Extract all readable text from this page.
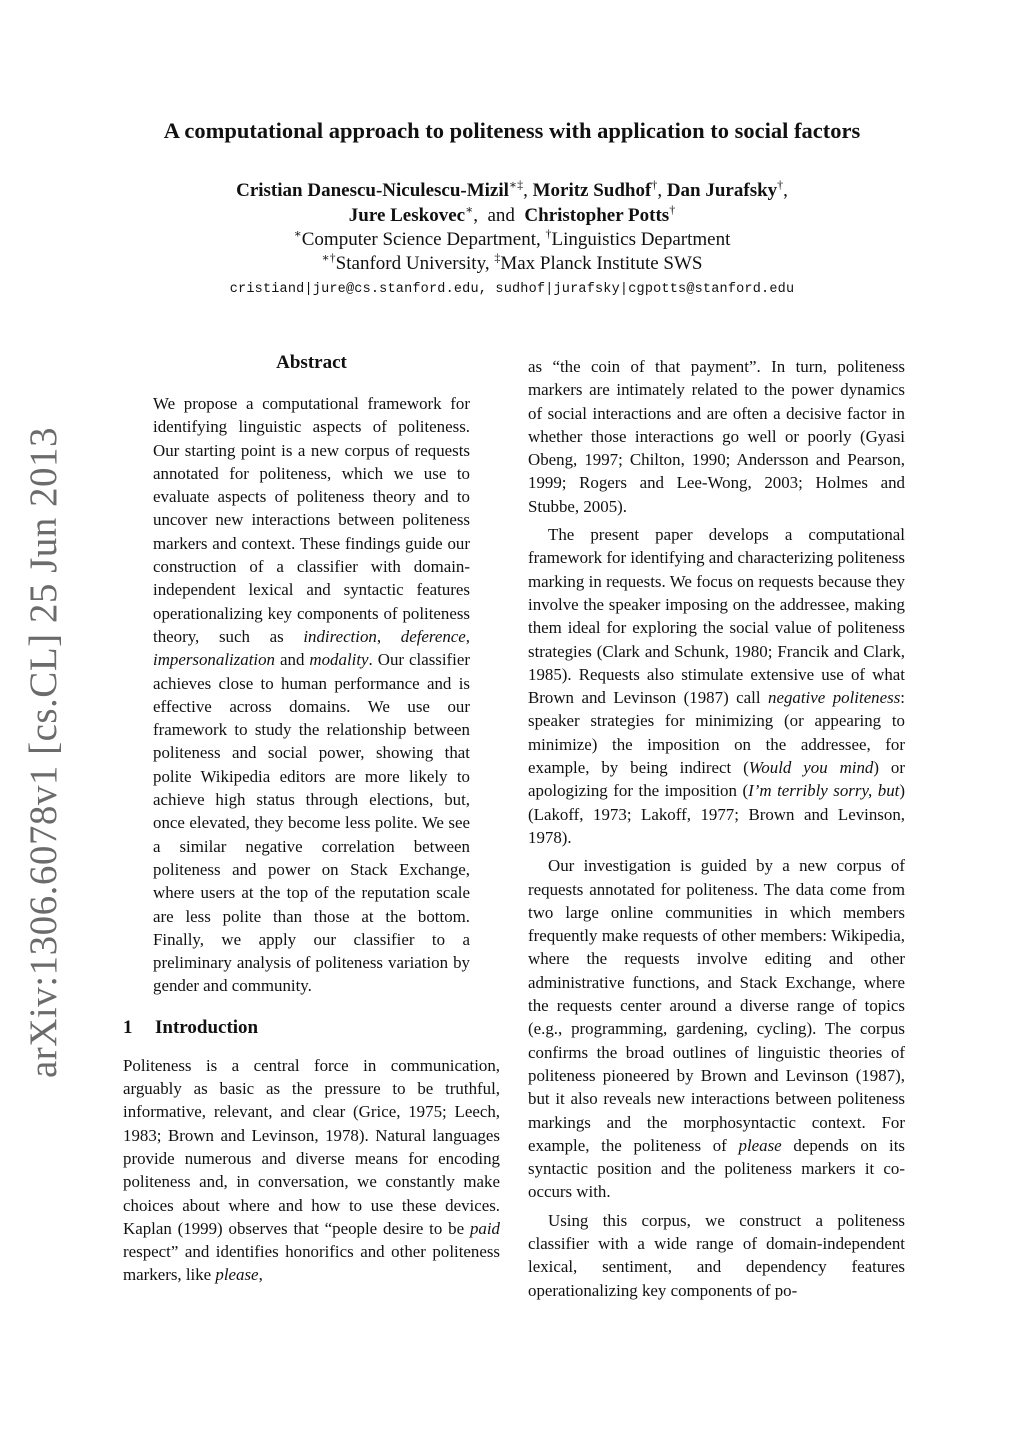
arXiv:1306.6078v1 [cs.CL] 25 Jun 2013
A computational approach to politeness with application to social factors
Cristian Danescu-Niculescu-Mizil∗‡, Moritz Sudhof†, Dan Jurafsky†,
Jure Leskovec∗,  and Christopher Potts†
∗Computer Science Department, †Linguistics Department
∗†Stanford University, ‡Max Planck Institute SWS
cristiand|jure@cs.stanford.edu, sudhof|jurafsky|cgpotts@stanford.edu
Abstract

We propose a computational framework for identifying linguistic aspects of politeness. Our starting point is a new corpus of requests annotated for politeness, which we use to evaluate aspects of politeness theory and to uncover new interactions between politeness markers and context. These findings guide our construction of a classifier with domain-independent lexical and syntactic features operationalizing key components of politeness theory, such as indirection, deference, impersonalization and modality. Our classifier achieves close to human performance and is effective across domains. We use our framework to study the relationship between politeness and social power, showing that polite Wikipedia editors are more likely to achieve high status through elections, but, once elevated, they become less polite. We see a similar negative correlation between politeness and power on Stack Exchange, where users at the top of the reputation scale are less polite than those at the bottom. Finally, we apply our classifier to a preliminary analysis of politeness variation by gender and community.

1 Introduction

Politeness is a central force in communication, arguably as basic as the pressure to be truthful, informative, relevant, and clear (Grice, 1975; Leech, 1983; Brown and Levinson, 1978). Natural languages provide numerous and diverse means for encoding politeness and, in conversation, we constantly make choices about where and how to use these devices. Kaplan (1999) observes that “people desire to be paid respect” and identifies honorifics and other politeness markers, like please,

as “the coin of that payment”. In turn, politeness markers are intimately related to the power dynamics of social interactions and are often a decisive factor in whether those interactions go well or poorly (Gyasi Obeng, 1997; Chilton, 1990; Andersson and Pearson, 1999; Rogers and Lee-Wong, 2003; Holmes and Stubbe, 2005).

The present paper develops a computational framework for identifying and characterizing politeness marking in requests. We focus on requests because they involve the speaker imposing on the addressee, making them ideal for exploring the social value of politeness strategies (Clark and Schunk, 1980; Francik and Clark, 1985). Requests also stimulate extensive use of what Brown and Levinson (1987) call negative politeness: speaker strategies for minimizing (or appearing to minimize) the imposition on the addressee, for example, by being indirect (Would you mind) or apologizing for the imposition (I’m terribly sorry, but) (Lakoff, 1973; Lakoff, 1977; Brown and Levinson, 1978).

Our investigation is guided by a new corpus of requests annotated for politeness. The data come from two large online communities in which members frequently make requests of other members: Wikipedia, where the requests involve editing and other administrative functions, and Stack Exchange, where the requests center around a diverse range of topics (e.g., programming, gardening, cycling). The corpus confirms the broad outlines of linguistic theories of politeness pioneered by Brown and Levinson (1987), but it also reveals new interactions between politeness markings and the morphosyntactic context. For example, the politeness of please depends on its syntactic position and the politeness markers it co-occurs with.

Using this corpus, we construct a politeness classifier with a wide range of domain-independent lexical, sentiment, and dependency features operationalizing key components of po-
